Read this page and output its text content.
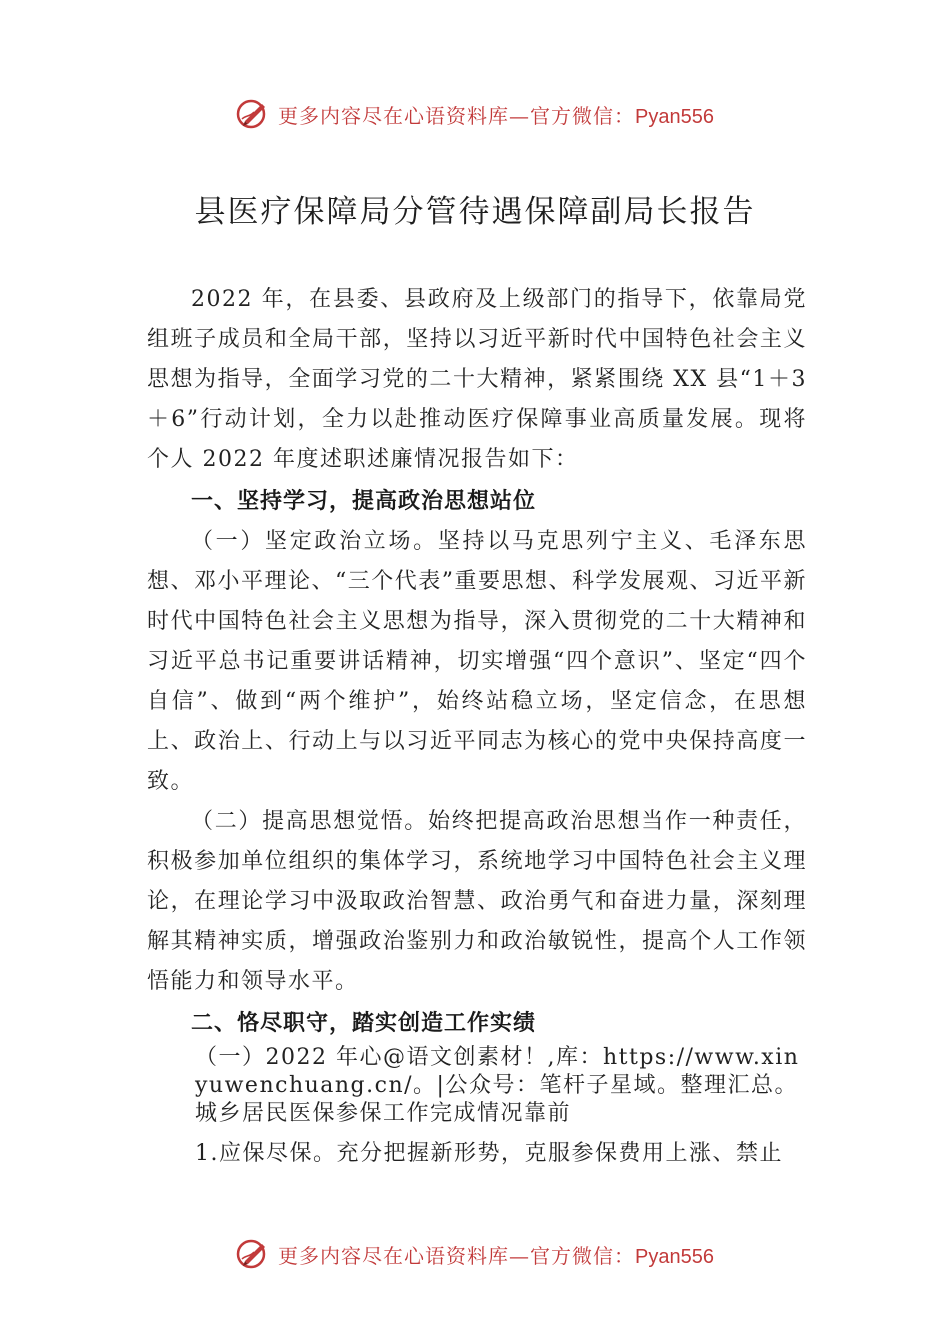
更多内容尽在心语资料库—官方微信：Pyan556
县医疗保障局分管待遇保障副局长报告

2022 年，在县委、县政府及上级部门的指导下，依靠局党组班子成员和全局干部，坚持以习近平新时代中国特色社会主义思想为指导，全面学习党的二十大精神，紧紧围绕 XX 县“1＋3＋6”行动计划，全力以赴推动医疗保障事业高质量发展。现将个人 2022 年度述职述廉情况报告如下：

一、坚持学习，提高政治思想站位

（一）坚定政治立场。坚持以马克思列宁主义、毛泽东思想、邓小平理论、“三个代表”重要思想、科学发展观、习近平新时代中国特色社会主义思想为指导，深入贯彻党的二十大精神和习近平总书记重要讲话精神，切实增强“四个意识”、坚定“四个自信”、做到“两个维护”，始终站稳立场，坚定信念，在思想上、政治上、行动上与以习近平同志为核心的党中央保持高度一致。

（二）提高思想觉悟。始终把提高政治思想当作一种责任，积极参加单位组织的集体学习，系统地学习中国特色社会主义理论，在理论学习中汲取政治智慧、政治勇气和奋进力量，深刻理解其精神实质，增强政治鉴别力和政治敏锐性，提高个人工作领悟能力和领导水平。

二、恪尽职守，踏实创造工作实绩

（一）2022 年心@语文创素材！,库：https://www.xinyuwenchuang.cn/。|公众号：笔杆子星域。整理汇总。城乡居民医保参保工作完成情况靠前

1.应保尽保。充分把握新形势，克服参保费用上涨、禁止

更多内容尽在心语资料库—官方微信：Pyan556
